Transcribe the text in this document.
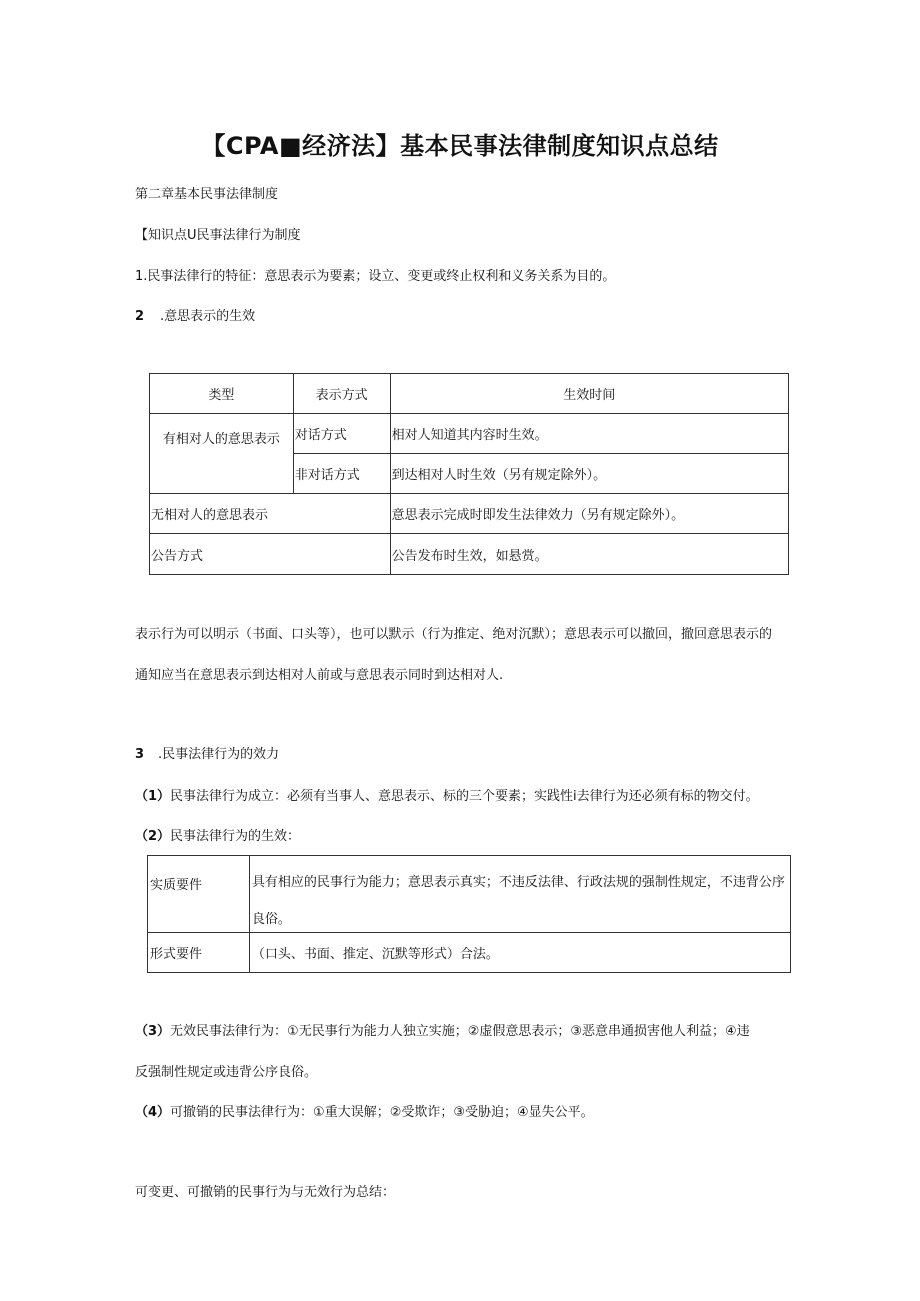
【CPA■经济法】基本民事法律制度知识点总结
第二章基本民事法律制度
【知识点U民事法律行为制度
1.民事法律行的特征：意思表示为要素；设立、变更或终止权利和义务关系为目的。
2 .意思表示的生效
类型	表示方式	生效时间
有相对人的意思表示	对话方式	相对人知道其内容时生效。
	非对话方式	到达相对人时生效（另有规定除外）。
无相对人的意思表示		意思表示完成时即发生法律效力（另有规定除外）。
公告方式		公告发布时生效，如悬赏。
表示行为可以明示（书面、口头等），也可以默示（行为推定、绝对沉默）；意思表示可以撤回，撤回意思表示的
通知应当在意思表示到达相对人前或与意思表示同时到达相对人.
3 .民事法律行为的效力
（1）民事法律行为成立：必须有当事人、意思表示、标的三个要素；实践性i去律行为还必须有标的物交付。
（2）民事法律行为的生效：
实质要件	具有相应的民事行为能力；意思表示真实；不违反法律、行政法规的强制性规定，不违背公序
良俗。

形式要件	（口头、书面、推定、沉默等形式）合法。
（3）无效民事法律行为：①无民事行为能力人独立实施；②虚假意思表示；③恶意串通损害他人利益；④违
反强制性规定或违背公序良俗。
（4）可撤销的民事法律行为：①重大误解；②受欺诈；③受胁迫；④显失公平。
可变更、可撤销的民事行为与无效行为总结：
